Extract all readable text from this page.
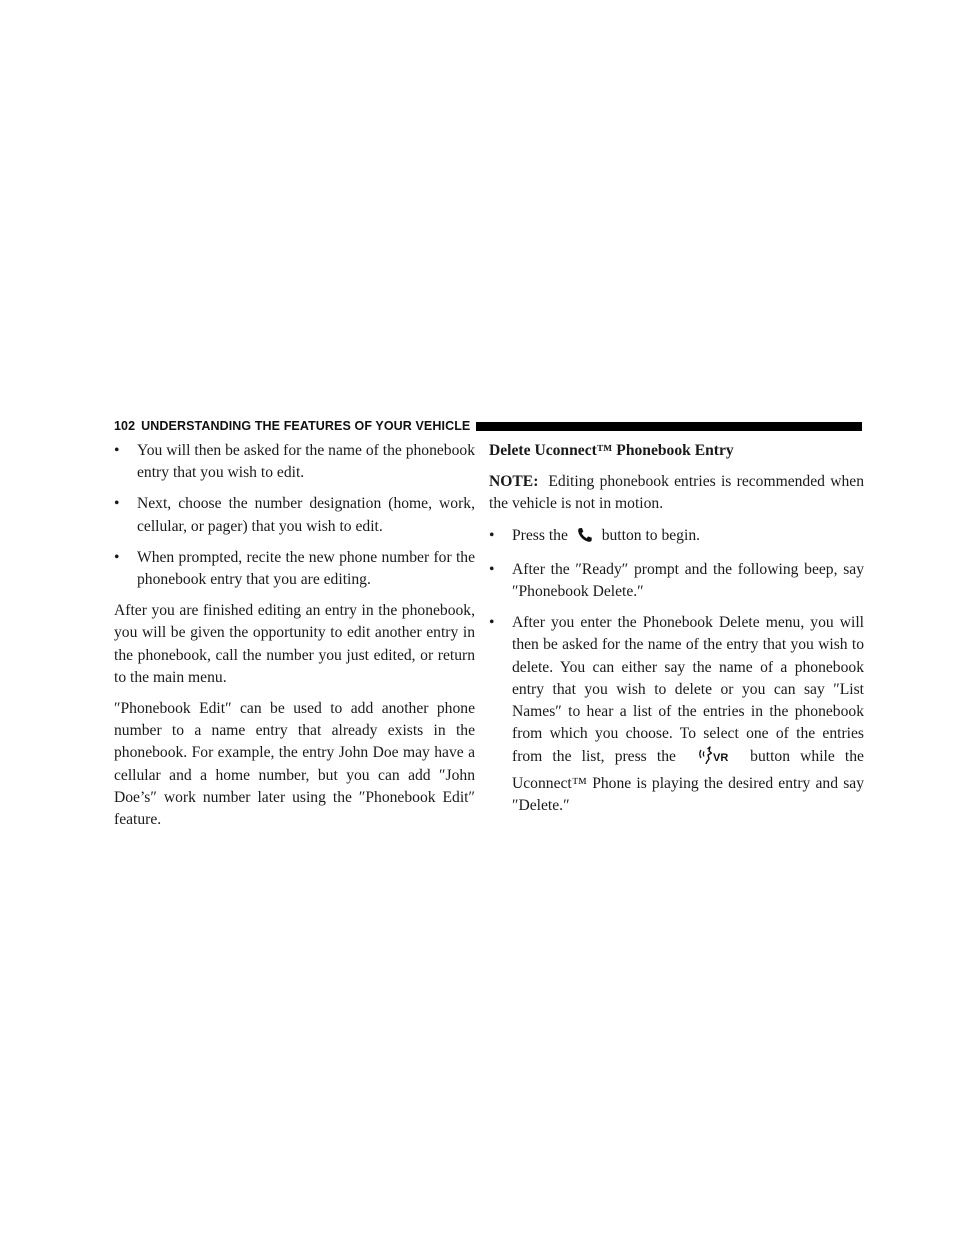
102 UNDERSTANDING THE FEATURES OF YOUR VEHICLE
• You will then be asked for the name of the phonebook entry that you wish to edit.
• Next, choose the number designation (home, work, cellular, or pager) that you wish to edit.
• When prompted, recite the new phone number for the phonebook entry that you are editing.

After you are finished editing an entry in the phonebook, you will be given the opportunity to edit another entry in the phonebook, call the number you just edited, or return to the main menu.

″Phonebook Edit″ can be used to add another phone number to a name entry that already exists in the phonebook. For example, the entry John Doe may have a cellular and a home number, but you can add ″John Doe’s″ work number later using the ″Phonebook Edit″ feature.

Delete Uconnect™ Phonebook Entry

NOTE: Editing phonebook entries is recommended when the vehicle is not in motion.

• Press the button to begin.
• After the ″Ready″ prompt and the following beep, say ″Phonebook Delete.″
• After you enter the Phonebook Delete menu, you will then be asked for the name of the entry that you wish to delete. You can either say the name of a phonebook entry that you wish to delete or you can say ″List Names″ to hear a list of the entries in the phonebook from which you choose. To select one of the entries from the list, press the	VR button while the Uconnect™ Phone is playing the desired entry and say ″Delete.″
